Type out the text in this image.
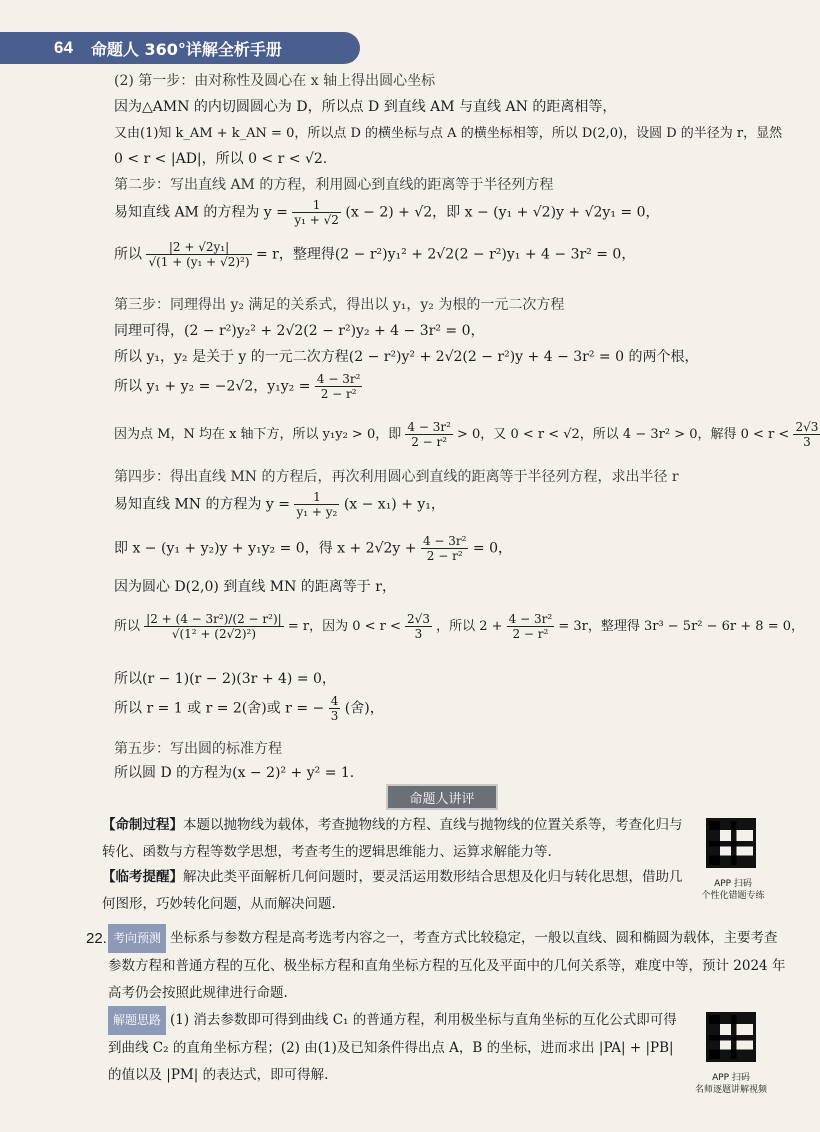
64 命题人 360°详解全析手册
(2) 第一步：由对称性及圆心在 x 轴上得出圆心坐标
因为△AMN 的内切圆圆心为 D，所以点 D 到直线 AM 与直线 AN 的距离相等，
又由(1)知 k_AM + k_AN = 0，所以点 D 的横坐标与点 A 的横坐标相等，所以 D(2,0)，设圆 D 的半径为 r，显然
0 < r < |AD|，所以 0 < r < √2.
第二步：写出直线 AM 的方程，利用圆心到直线的距离等于半径列方程
易知直线 AM 的方程为 $y = \frac{1}{\text{y₁ + √2}} (x - 2) + √2$，即 x − (y₁ + √2)y + √2y₁ = 0，
所以 $\frac{\text{|2 + √2y₁|}}{\text{√(1 + (y₁ + √2)²)}} = r$，整理得(2 − r²)y₁² + 2√2(2 − r²)y₁ + 4 − 3r² = 0，
第三步：同理得出 y₂ 满足的关系式，得出以 y₁，y₂ 为根的一元二次方程
同理可得，(2 − r²)y₂² + 2√2(2 − r²)y₂ + 4 − 3r² = 0，
所以 y₁，y₂ 是关于 y 的一元二次方程(2 − r²)y² + 2√2(2 − r²)y + 4 − 3r² = 0 的两个根，
所以 y₁ + y₂ = −2√2，$y_1y_2 = \frac{\text{4 − 3r²}}{\text{2 − r²}}$
因为点 M，N 均在 x 轴下方，所以 y₁y₂ > 0，即 $\frac{\text{4 − 3r²}}{\text{2 − r²}} > 0$，又 0 < r < √2，所以 4 − 3r² > 0，解得 $0 < r < \frac{2√3}{3}$
第四步：得出直线 MN 的方程后，再次利用圆心到直线的距离等于半径列方程，求出半径 r
易知直线 MN 的方程为 $y = \frac{1}{\text{y₁ + y₂}} (x - x_1) + y_1$，
即 x − (y₁ + y₂)y + y₁y₂ = 0，得 $x + 2√2y + \frac{\text{4 − 3r²}}{\text{2 − r²}} = 0$，
因为圆心 D(2,0) 到直线 MN 的距离等于 r，
所以 $\frac{\text{|2 + (4 − 3r²)/(2 − r²)|}}{\text{√(1² + (2√2)²)}} = r$，因为 $0 < r < \frac{2√3}{3}$ ，所以 $2 + \frac{\text{4 − 3r²}}{\text{2 − r²}} = 3r$，整理得 3r³ − 5r² − 6r + 8 = 0，
所以(r − 1)(r − 2)(3r + 4) = 0，
所以 r = 1 或 r = 2(舍)或 r = − $\frac{4}{3}$ (舍)，
第五步：写出圆的标准方程
所以圆 D 的方程为(x − 2)² + y² = 1.
命题人讲评
【命制过程】本题以抛物线为载体，考查抛物线的方程、直线与抛物线的位置关系等，考查化归与转化、函数与方程等数学思想，考查考生的逻辑思维能力、运算求解能力等.
【临考提醒】解决此类平面解析几何问题时，要灵活运用数形结合思想及化归与转化思想，借助几何图形，巧妙转化问题，从而解决问题.
APP 扫码
个性化错题专练
22. 考向预测 坐标系与参数方程是高考选考内容之一，考查方式比较稳定，一般以直线、圆和椭圆为载体，主要考查参数方程和普通方程的互化、极坐标方程和直角坐标方程的互化及平面中的几何关系等，难度中等，预计 2024 年高考仍会按照此规律进行命题.
解题思路 (1) 消去参数即可得到曲线 C₁ 的普通方程，利用极坐标与直角坐标的互化公式即可得到曲线 C₂ 的直角坐标方程；(2) 由(1)及已知条件得出点 A，B 的坐标，进而求出 |PA| + |PB| 的值以及 |PM| 的表达式，即可得解.	APP 扫码
名师逐题讲解视频
